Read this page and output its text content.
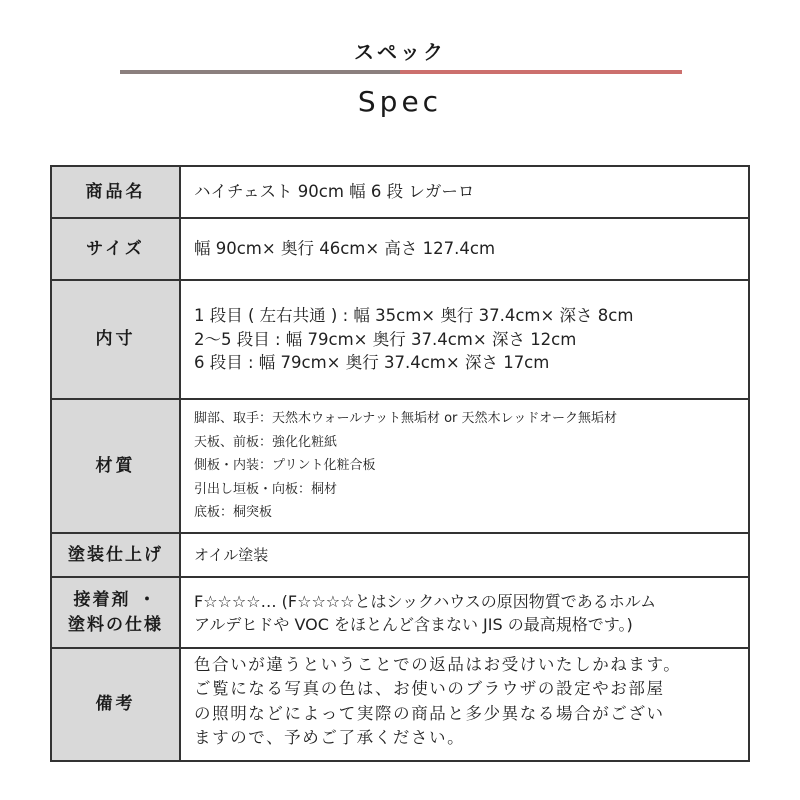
スペック
Spec
商品名	ハイチェスト 90cm 幅 6 段 レガーロ

サイズ	幅 90cm× 奥行 46cm× 高さ 127.4cm

内寸	1 段目 ( 左右共通 ) : 幅 35cm× 奥行 37.4cm× 深さ 8cm
2〜5 段目 : 幅 79cm× 奥行 37.4cm× 深さ 12cm
6 段目 : 幅 79cm× 奥行 37.4cm× 深さ 17cm

材質	脚部、取手：天然木ウォールナット無垢材 or 天然木レッドオーク無垢材
天板、前板：強化化粧紙
側板・内装：プリント化粧合板
引出し垣板・向板：桐材
底板：桐突板

塗装仕上げ	オイル塗装

接着剤 ・
塗料の仕様	F☆☆☆☆… (F☆☆☆☆とはシックハウスの原因物質であるホルム
アルデヒドや VOC をほとんど含まない JIS の最高規格です。)

備考	色合いが違うということでの返品はお受けいたしかねます。
ご覧になる写真の色は、お使いのブラウザの設定やお部屋
の照明などによって実際の商品と多少異なる場合がござい
ますので、予めご了承ください。
